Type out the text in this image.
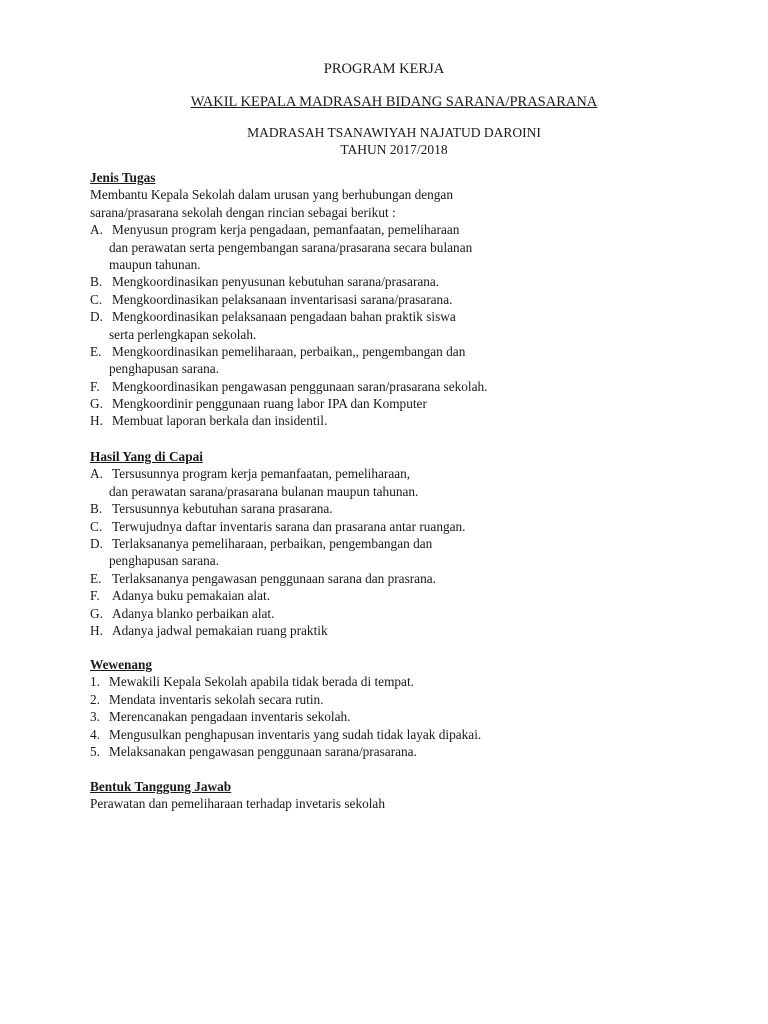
PROGRAM KERJA
WAKIL KEPALA MADRASAH BIDANG SARANA/PRASARANA
MADRASAH TSANAWIYAH NAJATUD DAROINI
TAHUN 2017/2018
Jenis Tugas
Membantu Kepala Sekolah dalam urusan yang berhubungan dengan
sarana/prasarana sekolah dengan rincian sebagai berikut :
A. Menyusun program kerja pengadaan, pemanfaatan, pemeliharaan
dan perawatan serta pengembangan sarana/prasarana secara bulanan
maupun tahunan.
B. Mengkoordinasikan penyusunan kebutuhan sarana/prasarana.
C. Mengkoordinasikan pelaksanaan inventarisasi sarana/prasarana.
D. Mengkoordinasikan pelaksanaan pengadaan bahan praktik siswa
serta perlengkapan sekolah.
E. Mengkoordinasikan pemeliharaan, perbaikan,, pengembangan dan
penghapusan sarana.
F. Mengkoordinasikan pengawasan penggunaan saran/prasarana sekolah.
G. Mengkoordinir penggunaan ruang labor IPA dan Komputer
H. Membuat laporan berkala dan insidentil.
Hasil Yang di Capai
A. Tersusunnya program kerja pemanfaatan, pemeliharaan,
dan perawatan sarana/prasarana bulanan maupun tahunan.
B. Tersusunnya kebutuhan sarana prasarana.
C. Terwujudnya daftar inventaris sarana dan prasarana antar ruangan.
D. Terlaksananya pemeliharaan, perbaikan, pengembangan dan
penghapusan sarana.
E. Terlaksananya pengawasan penggunaan sarana dan prasrana.
F. Adanya buku pemakaian alat.
G. Adanya blanko perbaikan alat.
H. Adanya jadwal pemakaian ruang praktik
Wewenang
1. Mewakili Kepala Sekolah apabila tidak berada di tempat.
2. Mendata inventaris sekolah secara rutin.
3. Merencanakan pengadaan inventaris sekolah.
4. Mengusulkan penghapusan inventaris yang sudah tidak layak dipakai.
5. Melaksanakan pengawasan penggunaan sarana/prasarana.
Bentuk Tanggung Jawab
Perawatan dan pemeliharaan terhadap invetaris sekolah
